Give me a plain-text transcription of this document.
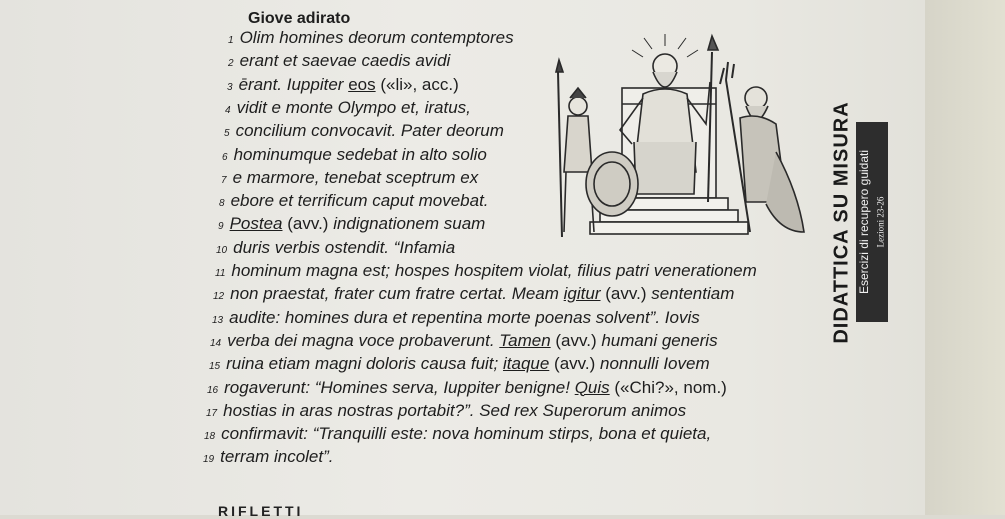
Giove adirato
1 Olim homines deorum contemptores
2 erant et saevae caedis avidi
3 ērant. Iuppiter eos («li», acc.)
4 vidit e monte Olympo et, iratus,
5 concilium convocavit. Pater deorum
6 hominumque sedebat in alto solio
7 e marmore, tenebat sceptrum ex
8 ebore et terrificum caput movebat.
9 Postea (avv.) indignationem suam
10 duris verbis ostendit. “Infamia
11 hominum magna est; hospes hospitem violat, filius patri venerationem
12 non praestat, frater cum fratre certat. Meam igitur (avv.) sententiam
13 audite: homines dura et repentina morte poenas solvent”. Iovis
14 verba dei magna voce probaverunt. Tamen (avv.) humani generis
15 ruina etiam magni doloris causa fuit; itaque (avv.) nonnulli Iovem
16 rogaverunt: “Homines serva, Iuppiter benigne! Quis («Chi?», nom.)
17 hostias in aras nostras portabit?”. Sed rex Superorum animos
18 confirmavit: “Tranquilli este: nova hominum stirps, bona et quieta,
19 terram incolet”.
DIDATTICA SU MISURA Esercizi di recupero guidati Lezioni 23-26
RIFLETTI
